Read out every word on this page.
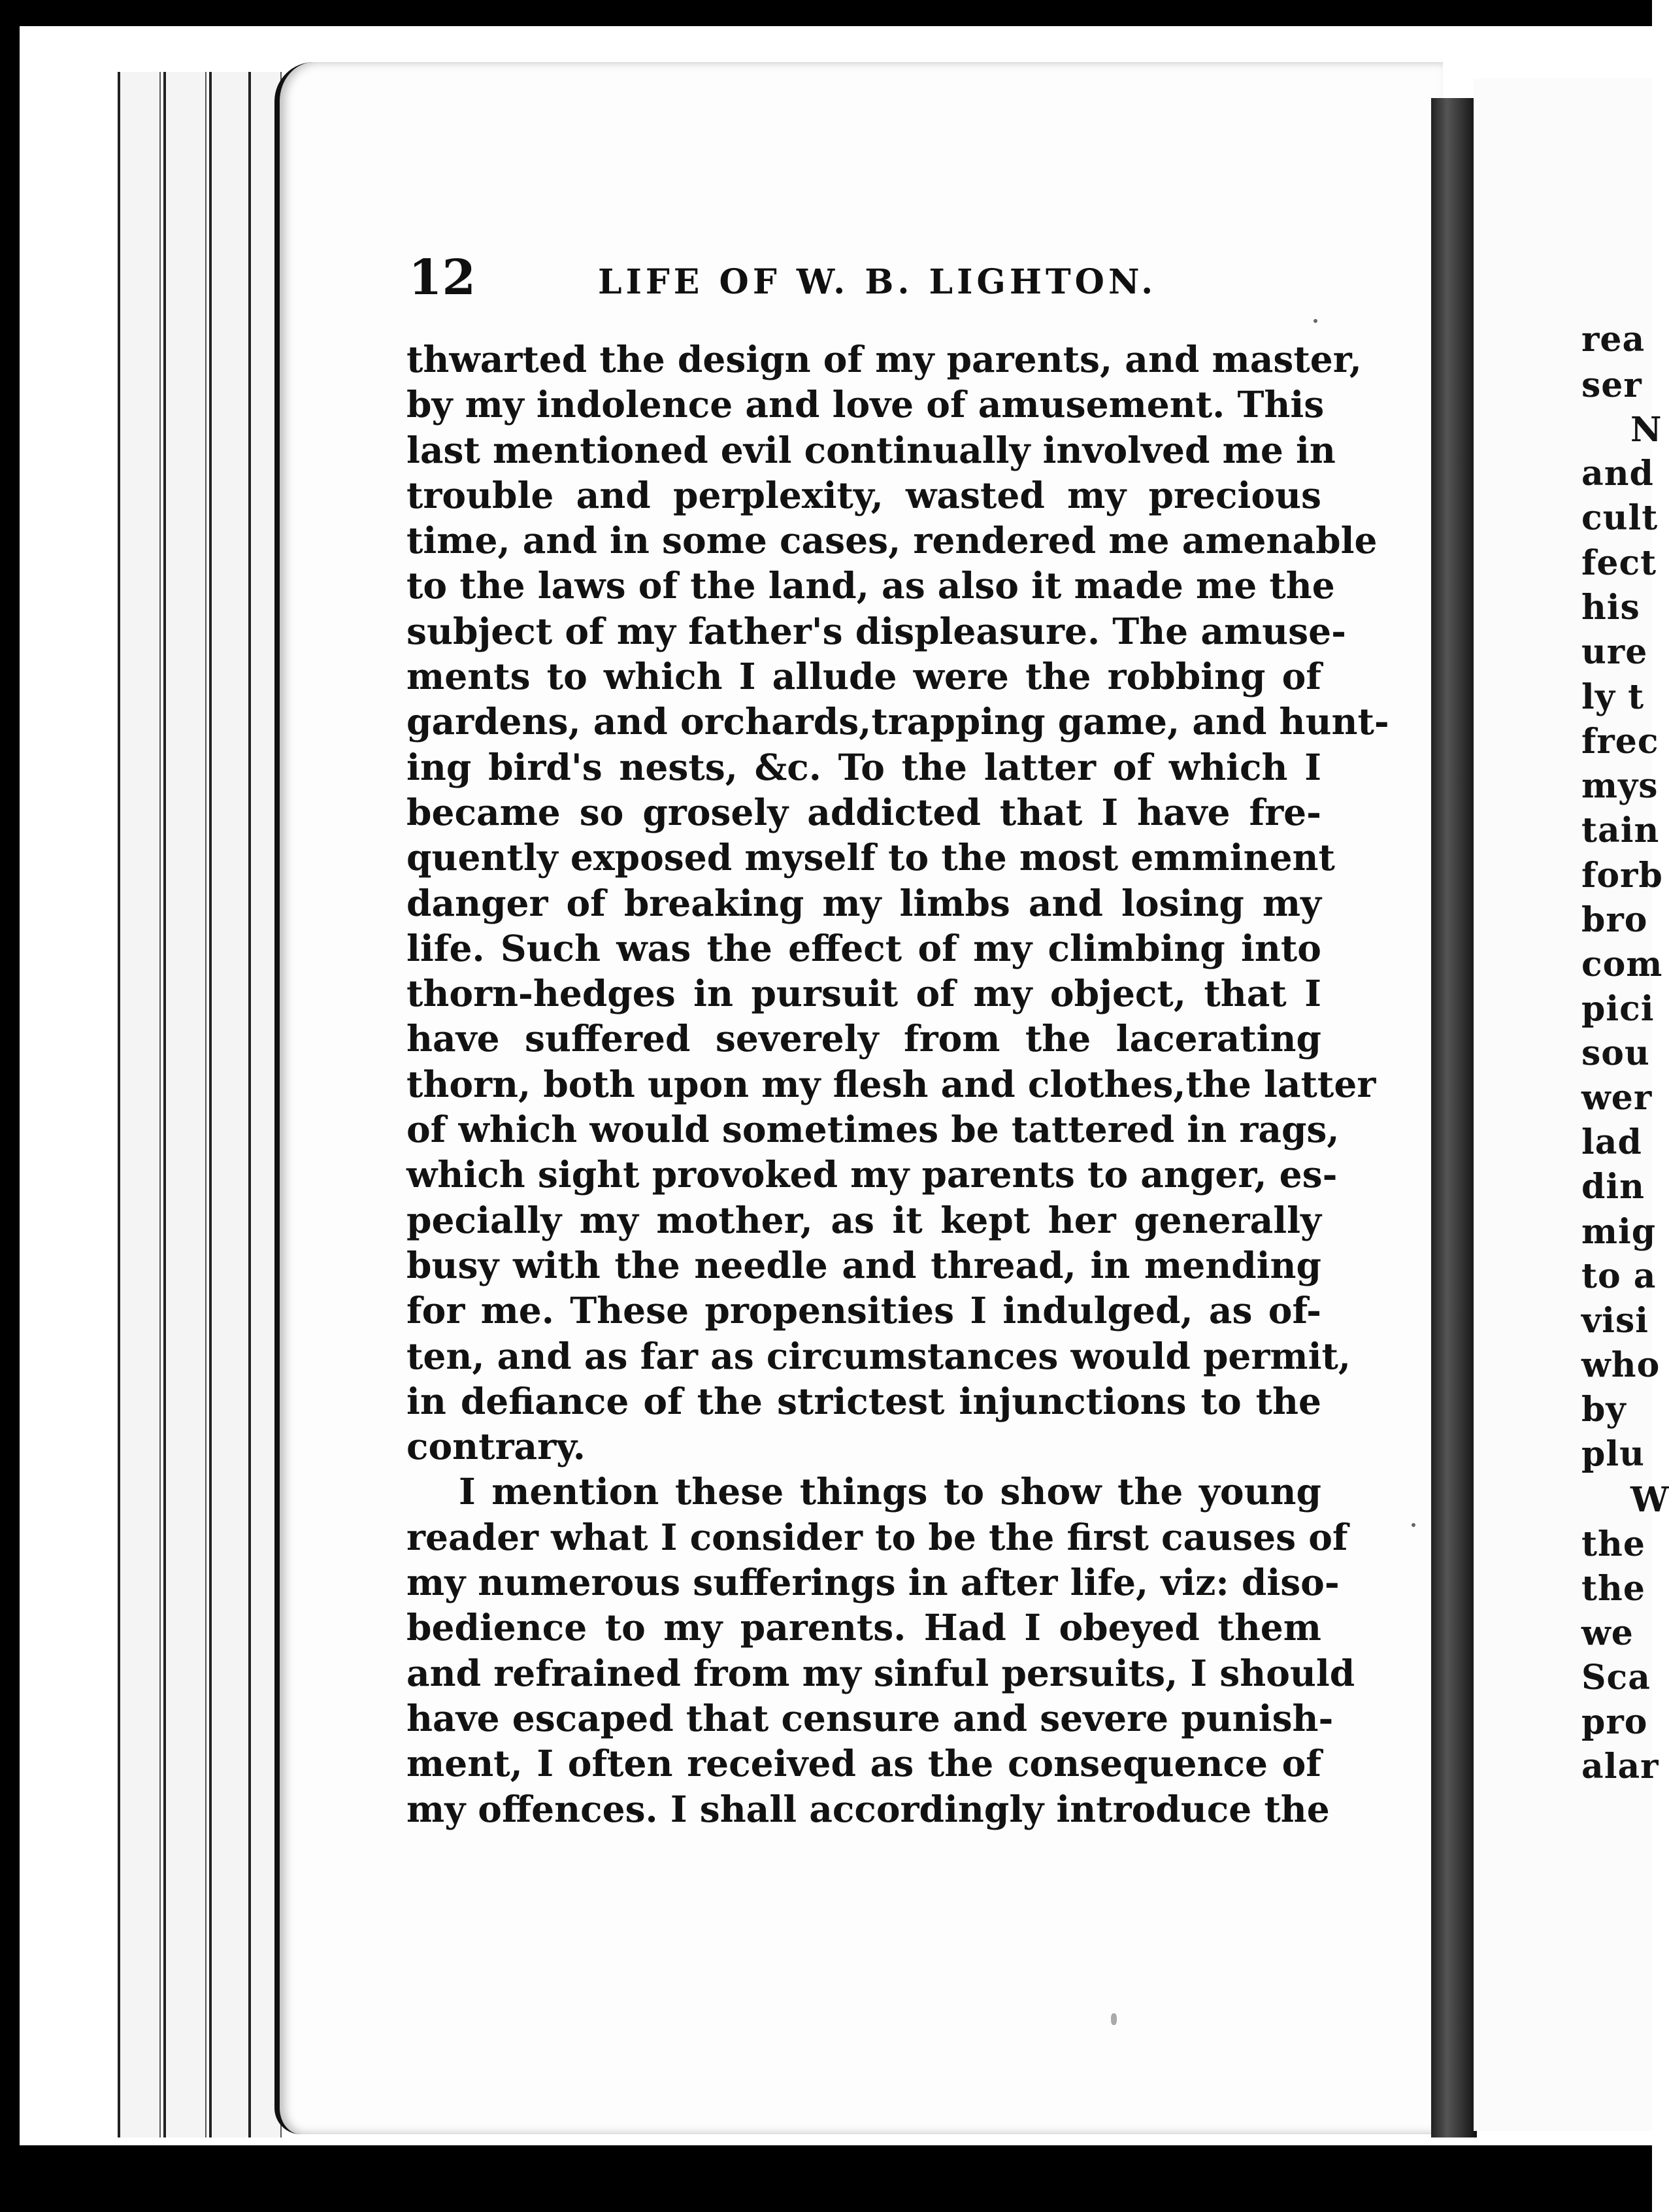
12	LIFE OF W. B. LIGHTON.
thwarted the design of my parents, and master,
by my indolence and love of amusement. This
last mentioned evil continually involved me in
trouble and perplexity, wasted my precious
time, and in some cases, rendered me amenable
to the laws of the land, as also it made me the
subject of my father's displeasure. The amuse-
ments to which I allude were the robbing of
gardens, and orchards,trapping game, and hunt-
ing bird's nests, &c. To the latter of which I
became so grosely addicted that I have fre-
quently exposed myself to the most emminent
danger of breaking my limbs and losing my
life. Such was the effect of my climbing into
thorn-hedges in pursuit of my object, that I
have suffered severely from the lacerating
thorn, both upon my flesh and clothes,the latter
of which would sometimes be tattered in rags,
which sight provoked my parents to anger, es-
pecially my mother, as it kept her generally
busy with the needle and thread, in mending
for me. These propensities I indulged, as of-
ten, and as far as circumstances would permit,
in defiance of the strictest injunctions to the
contrary.
I mention these things to show the young
reader what I consider to be the first causes of
my numerous sufferings in after life, viz: diso-
bedience to my parents. Had I obeyed them
and refrained from my sinful persuits, I should
have escaped that censure and severe punish-
ment, I often received as the consequence of
my offences. I shall accordingly introduce the
rea
ser
N
and
cult
fect
his
ure
ly t
frec
mys
tain
forb
bro
com
pici
sou
wer
lad
din
mig
to a
visi
who
by
plu
W
the
the
we
Sca
pro
alar
